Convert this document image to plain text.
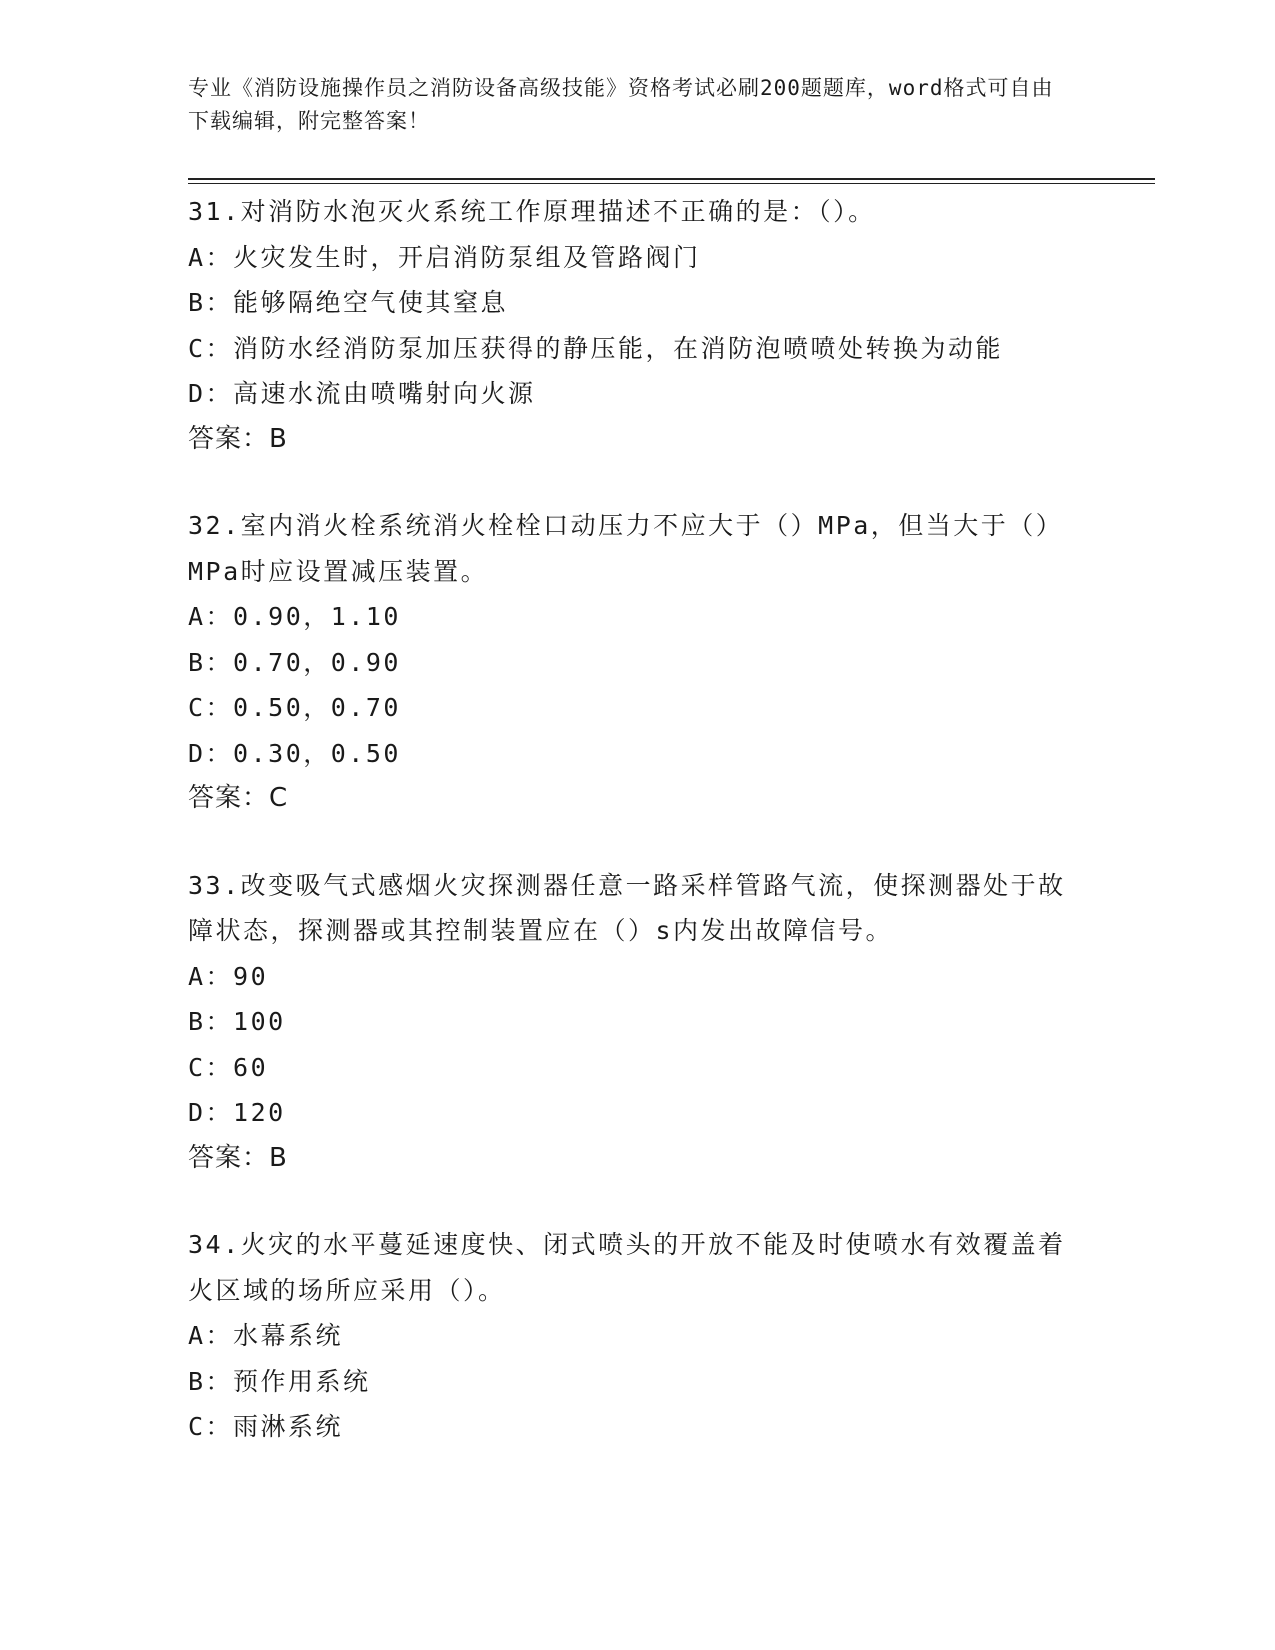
专业《消防设施操作员之消防设备高级技能》资格考试必刷200题题库，word格式可自由下载编辑，附完整答案！
31.对消防水泡灭火系统工作原理描述不正确的是：（）。
A：火灾发生时，开启消防泵组及管路阀门
B：能够隔绝空气使其窒息
C：消防水经消防泵加压获得的静压能，在消防泡喷喷处转换为动能
D：高速水流由喷嘴射向火源
答案：B
32.室内消火栓系统消火栓栓口动压力不应大于（）MPa，但当大于（）MPa时应设置减压装置。
A：0.90，1.10
B：0.70，0.90
C：0.50，0.70
D：0.30，0.50
答案：C
33.改变吸气式感烟火灾探测器任意一路采样管路气流，使探测器处于故障状态，探测器或其控制装置应在（）s内发出故障信号。
A：90
B：100
C：60
D：120
答案：B
34.火灾的水平蔓延速度快、闭式喷头的开放不能及时使喷水有效覆盖着火区域的场所应采用（）。
A：水幕系统
B：预作用系统
C：雨淋系统
